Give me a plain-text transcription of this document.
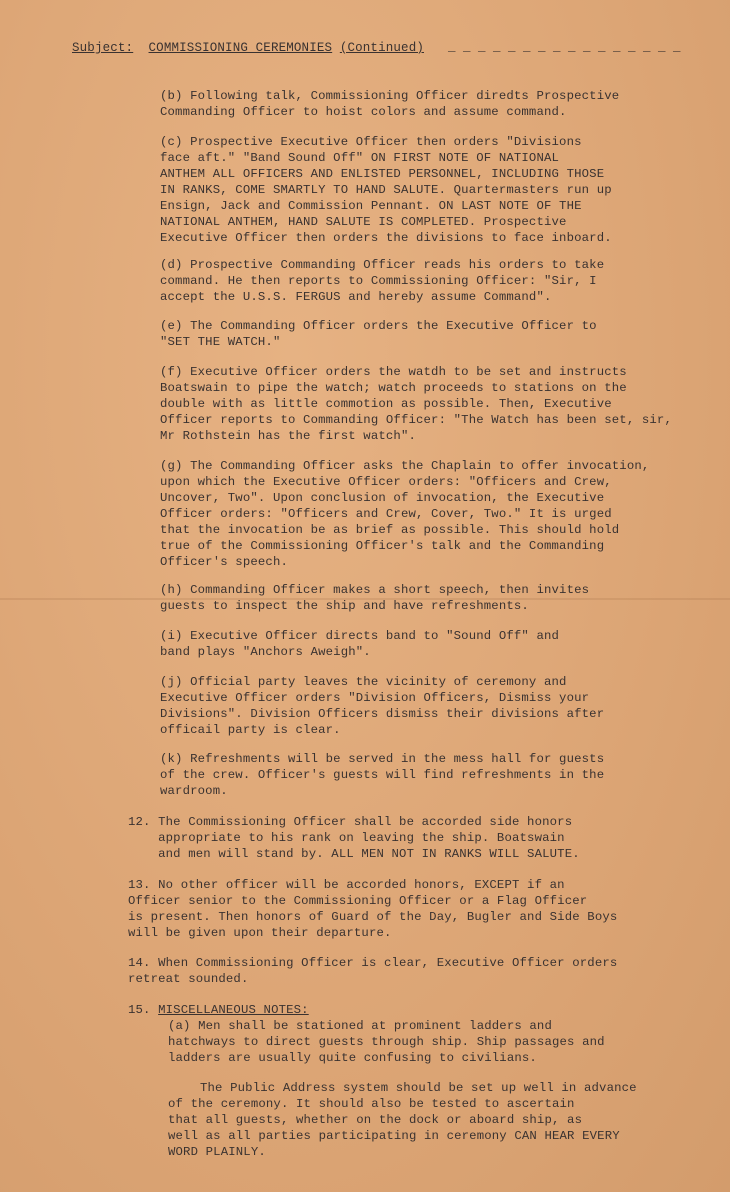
Subject: COMMISSIONING CEREMONIES (Continued) _ _ _ _ _ _ _ _ _ _ _ _ _ _ _ _
(b) Following talk, Commissioning Officer diredts Prospective
Commanding Officer to hoist colors and assume command.
(c) Prospective Executive Officer then orders "Divisions
face aft." "Band Sound Off" ON FIRST NOTE OF NATIONAL
ANTHEM ALL OFFICERS AND ENLISTED PERSONNEL, INCLUDING THOSE
IN RANKS, COME SMARTLY TO HAND SALUTE. Quartermasters run up
Ensign, Jack and Commission Pennant. ON LAST NOTE OF THE
NATIONAL ANTHEM, HAND SALUTE IS COMPLETED. Prospective
Executive Officer then orders the divisions to face inboard.
(d) Prospective Commanding Officer reads his orders to take
command. He then reports to Commissioning Officer: "Sir, I
accept the U.S.S. FERGUS and hereby assume Command".
(e) The Commanding Officer orders the Executive Officer to
"SET THE WATCH."
(f) Executive Officer orders the watdh to be set and instructs
Boatswain to pipe the watch; watch proceeds to stations on the
double with as little commotion as possible. Then, Executive
Officer reports to Commanding Officer: "The Watch has been set, sir,
Mr Rothstein has the first watch".
(g) The Commanding Officer asks the Chaplain to offer invocation,
upon which the Executive Officer orders: "Officers and Crew,
Uncover, Two". Upon conclusion of invocation, the Executive
Officer orders: "Officers and Crew, Cover, Two." It is urged
that the invocation be as brief as possible. This should hold
true of the Commissioning Officer's talk and the Commanding
Officer's speech.
(h) Commanding Officer makes a short speech, then invites
guests to inspect the ship and have refreshments.
(i) Executive Officer directs band to "Sound Off" and
band plays "Anchors Aweigh".
(j) Official party leaves the vicinity of ceremony and
Executive Officer orders "Division Officers, Dismiss your
Divisions". Division Officers dismiss their divisions after
officail party is clear.
(k) Refreshments will be served in the mess hall for guests
of the crew. Officer's guests will find refreshments in the
wardroom.
12. The Commissioning Officer shall be accorded side honors
appropriate to his rank on leaving the ship. Boatswain
and men will stand by. ALL MEN NOT IN RANKS WILL SALUTE.
13. No other officer will be accorded honors, EXCEPT if an
Officer senior to the Commissioning Officer or a Flag Officer
is present. Then honors of Guard of the Day, Bugler and Side Boys
will be given upon their departure.
14. When Commissioning Officer is clear, Executive Officer orders
retreat sounded.
15. MISCELLANEOUS NOTES:
(a) Men shall be stationed at prominent ladders and
hatchways to direct guests through ship. Ship passages and
ladders are usually quite confusing to civilians.
The Public Address system should be set up well in advance
of the ceremony. It should also be tested to ascertain
that all guests, whether on the dock or aboard ship, as
well as all parties participating in ceremony CAN HEAR EVERY
WORD PLAINLY.
